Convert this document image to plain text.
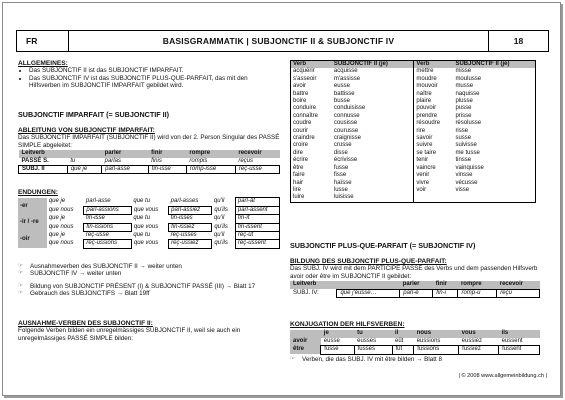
FR	BASISGRAMMATIK | SUBJONCTIF II & SUBJONCTIF IV	18
ALLGEMEINES:
• Das SUBJONCTIF II ist das SUBJONCTIF IMPARFAIT.
• Das SUBJONCTIF IV ist das SUBJONCTIF PLUS-QUE-PARFAIT, das mit den Hilfsverben im SUBJONCTIF IMPARFAIT gebildet wird.
SUBJONCTIF IMPARFAIT (= SUBJONCTIF II)
ABLEITUNG VON SUBJONCTIF IMPARFAIT:
Das SUBJONCTIF IMPARFAIT (SUBJONCTIF II) wird von der 2. Person Singular des PASSÉ SIMPLE abgeleitet:
Leitverb		parler	finir	rompre	recevoir
PASSÉ S.	tu	parlas	finis	rompis	reçus
SUBJ. II	que je	parl-asse	fin-isse	romp-isse	reç-usse
ENDUNGEN:
-er	que je	parl-asse	que tu	parl-asses	qu'il	parl-ât
	que nous	parl-assions	que vous	parl-assiez	qu'ils	parl-assent
-ir / -re	que je	fin-isse	que tu	fin-isses	qu'il	fin-ît
	que nous	fin-issions	que vous	fin-issiez	qu'ils	fin-issent
-oir	que je	reç-usse	que tu	reç-usses	qu'il	reç-ût
	que nous	reç-ussions	que vous	reç-ussiez	qu'ils	reç-ussent
☞	Ausnahmeverben des SUBJONCTIF II → weiter unten
☞	SUBJONCTIF IV → weiter unten
☞	Bildung von SUBJONCTIF PRÉSENT (I) & SUBJONCTIF PASSÉ (III) → Blatt 17
☞	Gebrauch des SUBJONCTIFS → Blatt 19ff
AUSNAHME-VERBEN DES SUBJONCTIF II:
Folgende Verben bilden ein unregelmässiges SUBJONCTIF II, weil sie auch ein unregelmässiges PASSÉ SIMPLE bilden:
Verb	SUBJONCTIF II (je)	Verb	SUBJONCTIF II (je)
acquérir	acquisse	mettre	misse
s'asseoir	m'assisse	moudre	moulusse
avoir	eusse	mouvoir	musse
battre	battisse	naître	naquisse
boire	busse	plaire	plusse
conduire	conduisisse	pouvoir	pusse
connaître	connusse	prendre	prisse
coudre	cousisse	résoudre	résolusse
courir	courusse	rire	risse
craindre	craignisse	savoir	susse
croire	crusse	suivre	suivisse
dire	disse	se taire	me tusse
écrire	écrivisse	tenir	tinsse
être	fusse	vaincre	vainquisse
faire	fisse	venir	vinsse
hair	haïsse	vivre	vécusse
lire	lusse	voir	visse
luire	luisisse		
SUBJONCTIF PLUS-QUE-PARFAIT (= SUBJONCTIF IV)
BILDUNG DES SUBJONCTIF PLUS-QUE-PARFAIT:
Das SUBJ. IV wird mit dem PARTICIPE PASSÉ des Verbs und dem passenden Hilfsverb avoir oder être im SUBJONCTIF II gebildet:
Leitverb		parler	finir	rompre	recevoir
SUBJ. IV:	que j'eusse…	parl-é	fin-i	romp-u	reçu
KONJUGATION DER HILFSVERBEN:
	je	tu	il	nous	vous	ils
avoir	eusse	eusses	eût	eussions	eussiez	eussent
être	fusse	fusses	fût	fussions	fussiez	fussent
☞	Verben, die das SUBJ. IV mit être bilden → Blatt 8
| © 2008 www.allgemeinbildung.ch |
